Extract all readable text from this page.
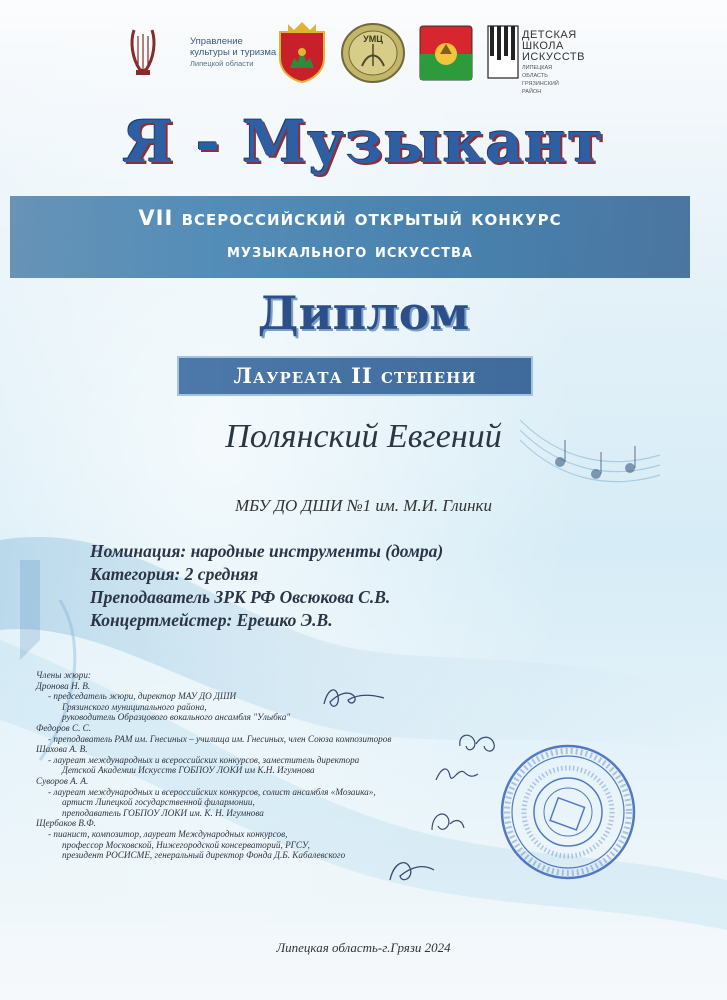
Управление
культуры и туризма
Липецкой области
УМЦ	ДЕТСКАЯ
ШКОЛА
ИСКУССТВ
ЛИПЕЦКАЯ
ОБЛАСТЬ
ГРЯЗИНСКИЙ
РАЙОН
Я - Музыкант
VII всероссийский открытый конкурс
музыкального искусства
Диплом
Лауреата II степени
Полянский Евгений
МБУ ДО ДШИ №1 им. М.И. Глинки
Номинация: народные инструменты (домра)
Категория: 2 средняя
Преподаватель ЗРК РФ Овсюкова С.В.
Концертмейстер: Ерешко Э.В.
Члены жюри:
Дронова Н. В.
- председатель жюри, директор МАУ ДО ДШИ
Грязинского муниципального района,
руководитель Образцового вокального ансамбля "Улыбка"
Федоров С. С.
- преподаватель РАМ им. Гнесиных – училища им. Гнесиных, член Союза композиторов
Шахова А. В.
- лауреат международных и всероссийских конкурсов, заместитель директора
Детской Академии Искусств ГОБПОУ ЛОКИ им К.Н. Игумнова
Суворов А. А.
- лауреат международных и всероссийских конкурсов, солист ансамбля «Мозаика»,
артист Липецкой государственной филармонии,
преподаватель ГОБПОУ ЛОКИ им. К. Н. Игумнова
Щербаков В.Ф.
- пианист, композитор, лауреат Международных конкурсов,
профессор Московской, Нижегородской консерваторий, РГСУ,
президент РОСИСМЕ, генеральный директор Фонда Д.Б. Кабалевского
Липецкая область-г.Грязи 2024
